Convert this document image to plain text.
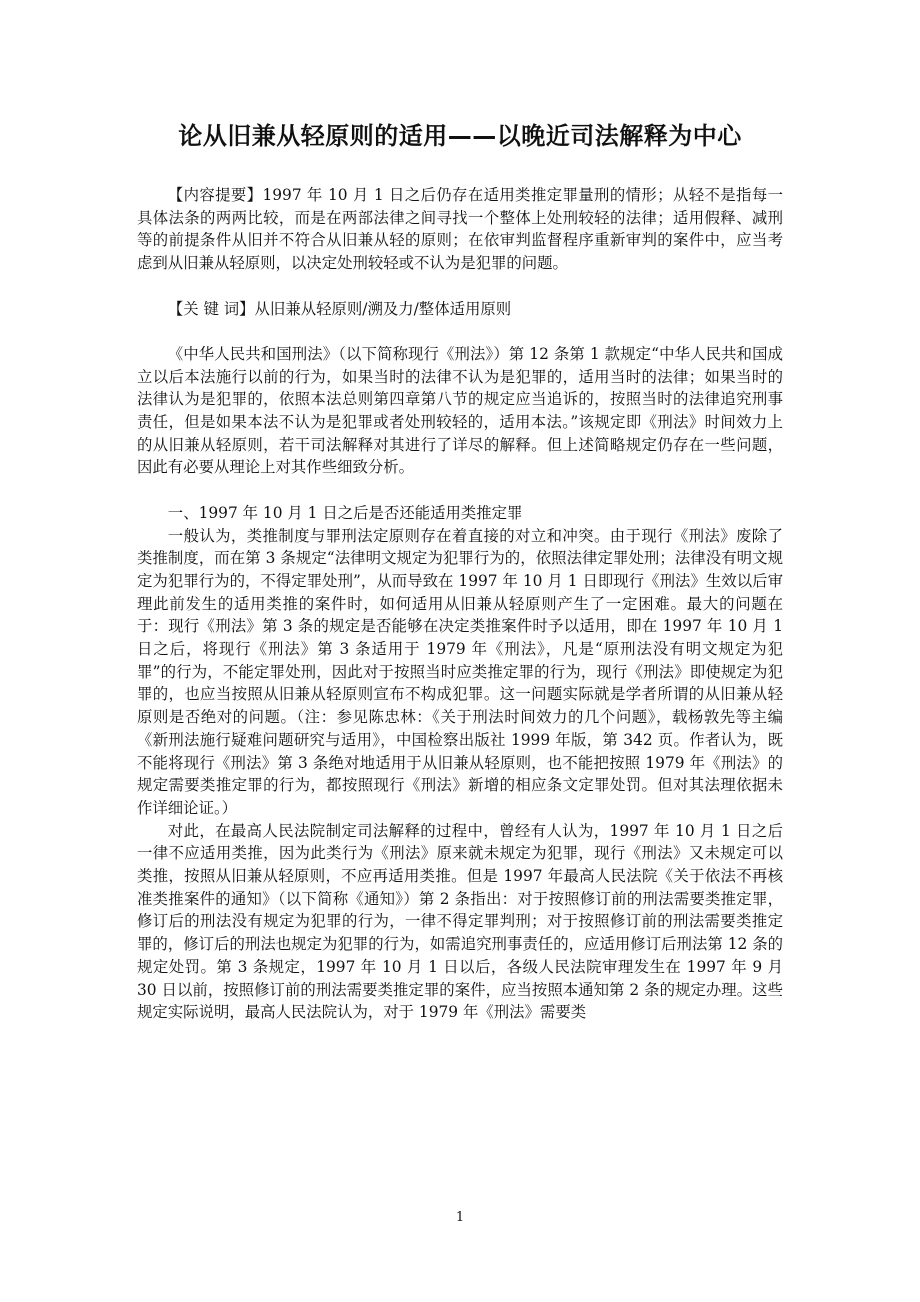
论从旧兼从轻原则的适用——以晚近司法解释为中心

【内容提要】1997 年 10 月 1 日之后仍存在适用类推定罪量刑的情形；从轻不是指每一具体法条的两两比较，而是在两部法律之间寻找一个整体上处刑较轻的法律；适用假释、减刑等的前提条件从旧并不符合从旧兼从轻的原则；在依审判监督程序重新审判的案件中，应当考虑到从旧兼从轻原则，以决定处刑较轻或不认为是犯罪的问题。

【关 键 词】从旧兼从轻原则/溯及力/整体适用原则

《中华人民共和国刑法》（以下简称现行《刑法》）第 12 条第 1 款规定“中华人民共和国成立以后本法施行以前的行为，如果当时的法律不认为是犯罪的，适用当时的法律；如果当时的法律认为是犯罪的，依照本法总则第四章第八节的规定应当追诉的，按照当时的法律追究刑事责任，但是如果本法不认为是犯罪或者处刑较轻的，适用本法。”该规定即《刑法》时间效力上的从旧兼从轻原则，若干司法解释对其进行了详尽的解释。但上述简略规定仍存在一些问题，因此有必要从理论上对其作些细致分析。

一、1997 年 10 月 1 日之后是否还能适用类推定罪

一般认为，类推制度与罪刑法定原则存在着直接的对立和冲突。由于现行《刑法》废除了类推制度，而在第 3 条规定“法律明文规定为犯罪行为的，依照法律定罪处刑；法律没有明文规定为犯罪行为的，不得定罪处刑”，从而导致在 1997 年 10 月 1 日即现行《刑法》生效以后审理此前发生的适用类推的案件时，如何适用从旧兼从轻原则产生了一定困难。最大的问题在于：现行《刑法》第 3 条的规定是否能够在决定类推案件时予以适用，即在 1997 年 10 月 1 日之后，将现行《刑法》第 3 条适用于 1979 年《刑法》，凡是“原刑法没有明文规定为犯罪”的行为，不能定罪处刑，因此对于按照当时应类推定罪的行为，现行《刑法》即使规定为犯罪的，也应当按照从旧兼从轻原则宣布不构成犯罪。这一问题实际就是学者所谓的从旧兼从轻原则是否绝对的问题。（注：参见陈忠林：《关于刑法时间效力的几个问题》，载杨敦先等主编《新刑法施行疑难问题研究与适用》，中国检察出版社 1999 年版，第 342 页。作者认为，既不能将现行《刑法》第 3 条绝对地适用于从旧兼从轻原则，也不能把按照 1979 年《刑法》的规定需要类推定罪的行为，都按照现行《刑法》新增的相应条文定罪处罚。但对其法理依据未作详细论证。）

对此，在最高人民法院制定司法解释的过程中，曾经有人认为，1997 年 10 月 1 日之后一律不应适用类推，因为此类行为《刑法》原来就未规定为犯罪，现行《刑法》又未规定可以类推，按照从旧兼从轻原则，不应再适用类推。但是 1997 年最高人民法院《关于依法不再核准类推案件的通知》（以下简称《通知》）第 2 条指出：对于按照修订前的刑法需要类推定罪，修订后的刑法没有规定为犯罪的行为，一律不得定罪判刑；对于按照修订前的刑法需要类推定罪的，修订后的刑法也规定为犯罪的行为，如需追究刑事责任的，应适用修订后刑法第 12 条的规定处罚。第 3 条规定，1997 年 10 月 1 日以后，各级人民法院审理发生在 1997 年 9 月 30 日以前，按照修订前的刑法需要类推定罪的案件，应当按照本通知第 2 条的规定办理。这些规定实际说明，最高人民法院认为，对于 1979 年《刑法》需要类

1
